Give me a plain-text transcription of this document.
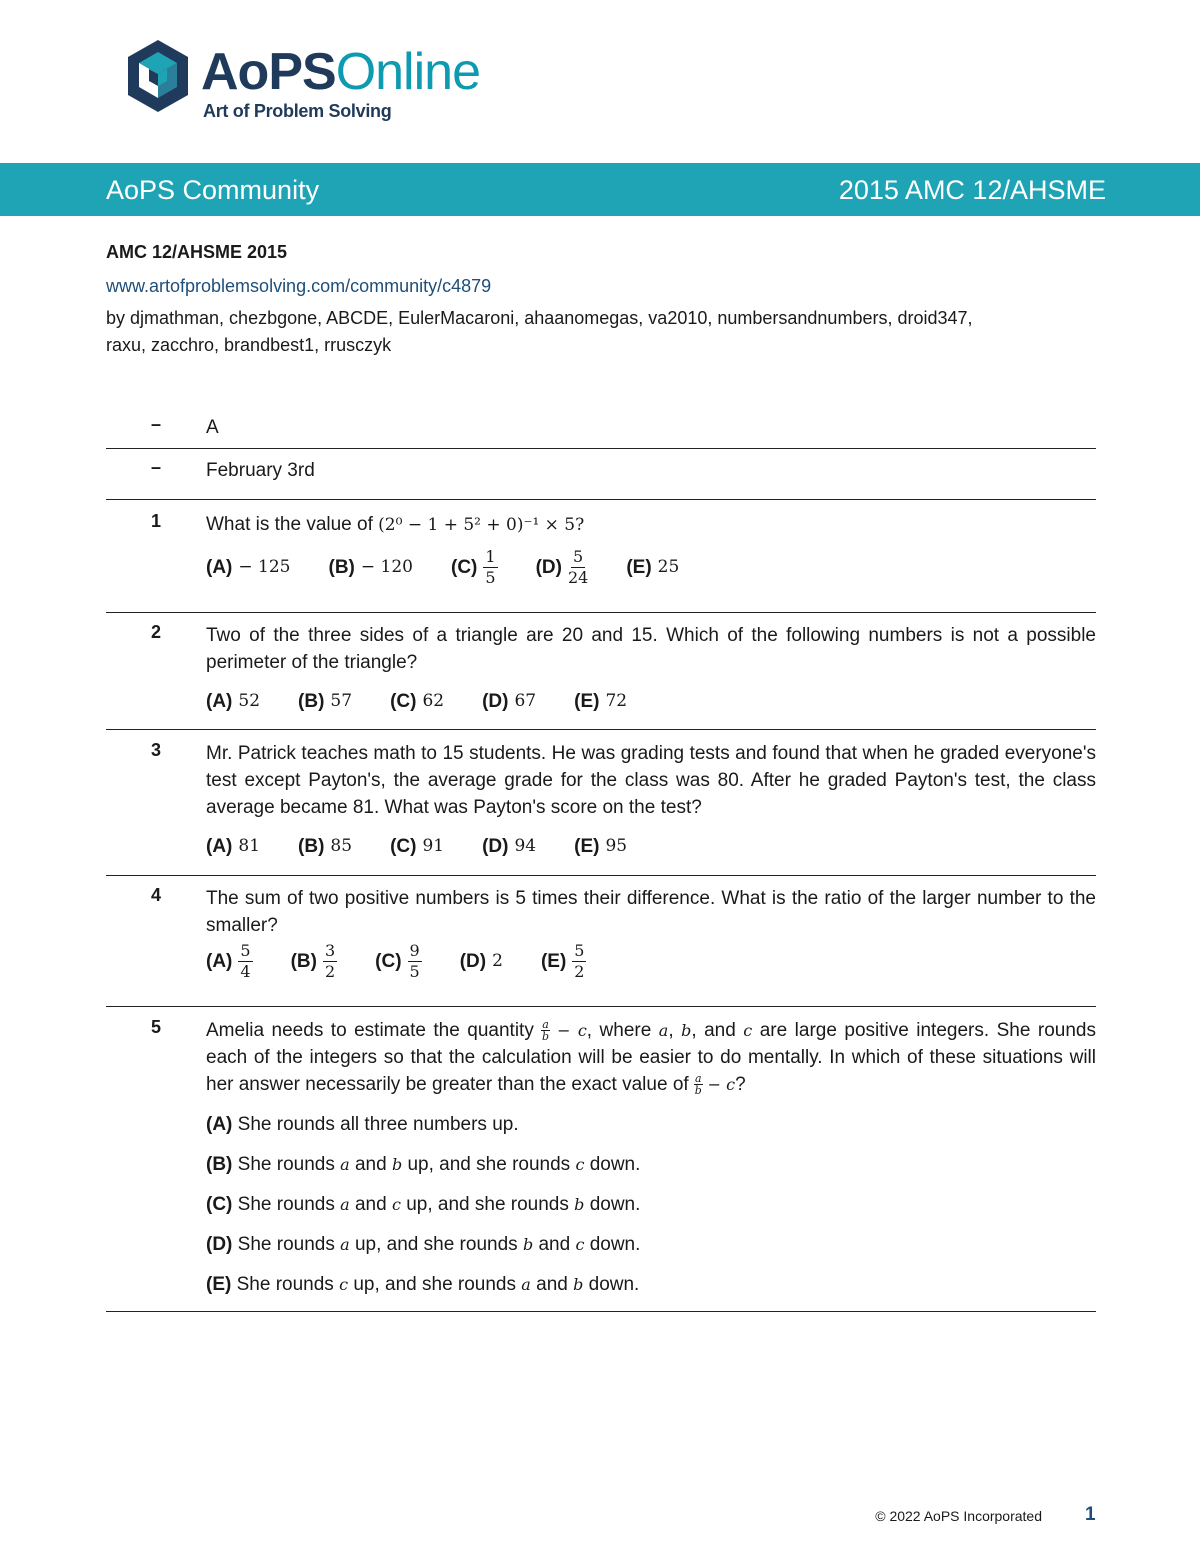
AoPSOnline
Art of Problem Solving
AoPS Community	2015 AMC 12/AHSME
AMC 12/AHSME 2015
www.artofproblemsolving.com/community/c4879
by djmathman, chezbgone, ABCDE, EulerMacaroni, ahaanomegas, va2010, numbersandnumbers, droid347,
raxu, zacchro, brandbest1, rrusczyk
–	A
–	February 3rd
1	What is the value of (2⁰ − 1 + 5² + 0)⁻¹ × 5?

(A) − 125 (B) − 120 $(C) \frac{1}{5} (D) \frac{5}{24} (E)$ 25
2	Two of the three sides of a triangle are 20 and 15. Which of the following numbers is not a possible perimeter of the triangle?

(A) 52 (B) 57 (C) 62 (D) 67 (E) 72
3	Mr. Patrick teaches math to 15 students. He was grading tests and found that when he graded everyone's test except Payton's, the average grade for the class was 80. After he graded Payton's test, the class average became 81. What was Payton's score on the test?

(A) 81 (B) 85 (C) 91 (D) 94 (E) 95
4	The sum of two positive numbers is 5 times their difference. What is the ratio of the larger number to the smaller?

$(A) \frac{5}{4} (B) \frac{3}{2} (C) \frac{9}{5} (D)$ 2 $(E) \frac{5}{2}$
5	Amelia needs to estimate the quantity $\frac{a}{b} - c$, where a, b, and c are large positive integers. She rounds each of the integers so that the calculation will be easier to do mentally. In which of these situations will her answer necessarily be greater than the exact value of $\frac{a}{b} - c$?

(A) She rounds all three numbers up.
(B) She rounds a and b up, and she rounds c down.
(C) She rounds a and c up, and she rounds b down.
(D) She rounds a up, and she rounds b and c down.
(E) She rounds c up, and she rounds a and b down.
© 2022 AoPS Incorporated 1
